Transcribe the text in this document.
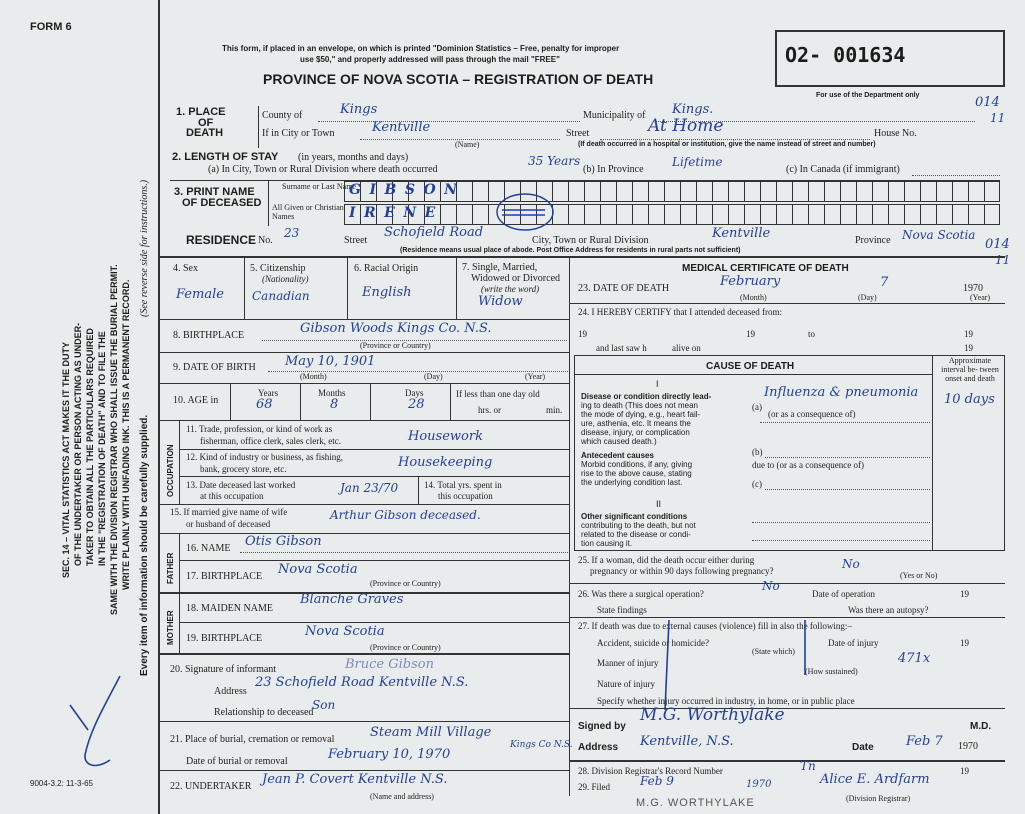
FORM 6
This form, if placed in an envelope, on which is printed "Dominion Statistics – Free, penalty for improper
use $50," and properly addressed will pass through the mail "FREE"
PROVINCE OF NOVA SCOTIA – REGISTRATION OF DEATH
O2- 001634
For use of the Department only	014
11
SEC. 14 – VITAL STATISTICS ACT MAKES IT THE DUTY OF THE UNDERTAKER OR PERSON ACTING AS UNDER- TAKER TO OBTAIN ALL THE PARTICULARS REQUIRED IN THE "REGISTRATION OF DEATH" AND TO FILE THE SAME WITH THE DIVISION REGISTRAR WHO SHALL ISSUE THE BURIAL PERMIT. WRITE PLAINLY WITH UNFADING INK. THIS IS A PERMANENT RECORD.
(See reverse side for instructions.)
Every item of information should be carefully supplied.
9004-3.2: 11-3-65
1. PLACE
OF
DEATH
County of	Kings	Municipality of Kings.
If in City or Town	Kentville
(Name)
Street	At Home	House No.
(If death occurred in a hospital or institution, give the name instead of street and number)
2. LENGTH OF STAY (in years, months and days)
(a) In City, Town or Rural Division where death occurred
35 Years
(b) In Province
Lifetime
(c) In Canada (if immigrant)
3. PRINT NAME
OF DECEASED
Surname or Last Name
All Given or Christian Names
GIBSON
IRENE
RESIDENCE No.
23
Street
Schofield Road
City, Town or Rural Division	Kentville	Province Nova Scotia
(Residence means usual place of abode. Post Office Address for residents in rural parts not sufficient)	014
11
4. Sex
Female
5. Citizenship
(Nationality)
Canadian
6. Racial Origin
English
7. Single, Married,
Widowed or Divorced
(write the word)
Widow
8. BIRTHPLACE	Gibson Woods Kings Co. N.S.
(Province or Country)
9. DATE OF BIRTH May 10, 1901
(Month)	(Day)	(Year)
10. AGE in
Years
68
Months
8
Days
28
If less than one day old
hrs. or	min.
OCCUPATION
11. Trade, profession, or kind of work as
fisherman, office clerk, sales clerk, etc.	Housework
12. Kind of industry or business, as fishing,
bank, grocery store, etc.	Housekeeping
13. Date deceased last worked
at this occupation
Jan 23/70	14. Total yrs. spent in
this occupation
15. If married give name of wife
or husband of deceased
Arthur Gibson deceased.
FATHER
MOTHER
16. NAME Otis Gibson
17. BIRTHPLACE Nova Scotia
(Province or Country)
18. MAIDEN NAME
Blanche Graves
19. BIRTHPLACE	Nova Scotia
(Province or Country)
20. Signature of informant	Bruce Gibson
Address
23 Schofield Road Kentville N.S.
Relationship to deceased
Son
21. Place of burial, cremation or removal	Steam Mill Village
Kings Co N.S.
Date of burial or removal	February 10, 1970
22. UNDERTAKER Jean P. Covert Kentville N.S.
(Name and address)
MEDICAL CERTIFICATE OF DEATH
23. DATE OF DEATH	February	7	1970
(Month)	(Day)	(Year)
24. I HEREBY CERTIFY that I attended deceased from:
19	19	to	19
and last saw h	alive on	19
CAUSE OF DEATH
Approximate interval be- tween onset and death
I
Disease or condition directly lead-
ing to death (This does not mean
the mode of dying, e.g., heart fail-
ure, asthenia, etc. It means the
disease, injury, or complication
which caused death.)
(a)
Influenza & pneumonia
(or as a consequence of)
10 days
Antecedent causes
Morbid conditions, if any, giving
rise to the above cause, stating
the underlying condition last.
(b)
due to (or as a consequence of)
(c)
II
Other significant conditions
contributing to the death, but not
related to the disease or condi-
tion causing it.
25. If a woman, did the death occur either during
pregnancy or within 90 days following pregnancy?	No
(Yes or No)
26. Was there a surgical operation?
No
Date of operation	19
State findings	Was there an autopsy?
27. If death was due to external causes (violence) fill in also the following:–
Accident, suicide or homicide?
(State which)
Date of injury	19
Manner of injury	471x
(How sustained)
Nature of injury
Specify whether injury occurred in industry, in home, or in public place
Signed by
M.G. Worthylake
M.D.
Address Kentville, N.S.	Date Feb 7 1970
28. Division Registrar's Record Number	Tn	19
29. Filed Feb 9	1970	Alice E. Ardfarm
(Division Registrar)
M.G. WORTHYLAKE
